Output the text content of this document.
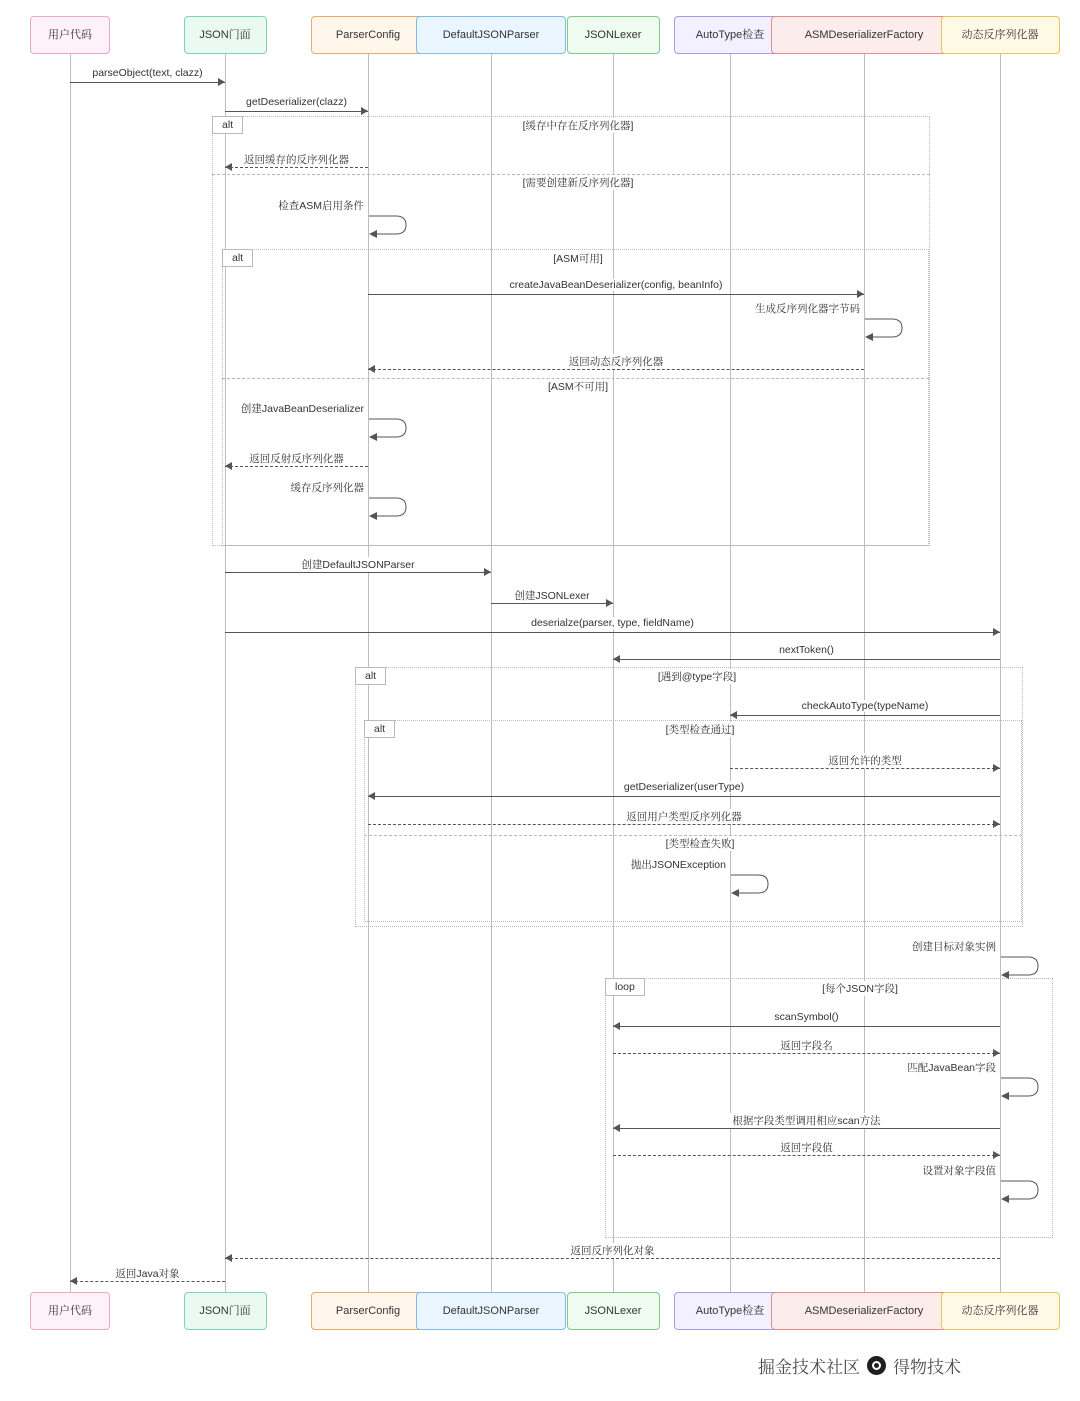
alt	[缓存中存在反序列化器]
[需要创建新反序列化器]
alt	[ASM可用]
[ASM不可用]
alt	[遇到@type字段]
alt	[类型检查通过]
[类型检查失败]
loop	[每个JSON字段]
parseObject(text, clazz)
getDeserializer(clazz)
返回缓存的反序列化器
检查ASM启用条件
createJavaBeanDeserializer(config, beanInfo)
生成反序列化器字节码
返回动态反序列化器
创建JavaBeanDeserializer
返回反射反序列化器
缓存反序列化器
创建DefaultJSONParser
创建JSONLexer
deserialze(parser, type, fieldName)
nextToken()
checkAutoType(typeName)
返回允许的类型
getDeserializer(userType)
返回用户类型反序列化器
抛出JSONException
创建目标对象实例
scanSymbol()
返回字段名
匹配JavaBean字段
根据字段类型调用相应scan方法
返回字段值
设置对象字段值
返回反序列化对象
返回Java对象
用户代码
用户代码
JSON门面
JSON门面
ParserConfig
ParserConfig
DefaultJSONParser
DefaultJSONParser
JSONLexer
JSONLexer
AutoType检查
AutoType检查
ASMDeserializerFactory
ASMDeserializerFactory
动态反序列化器
动态反序列化器
掘金技术社区 得物技术
